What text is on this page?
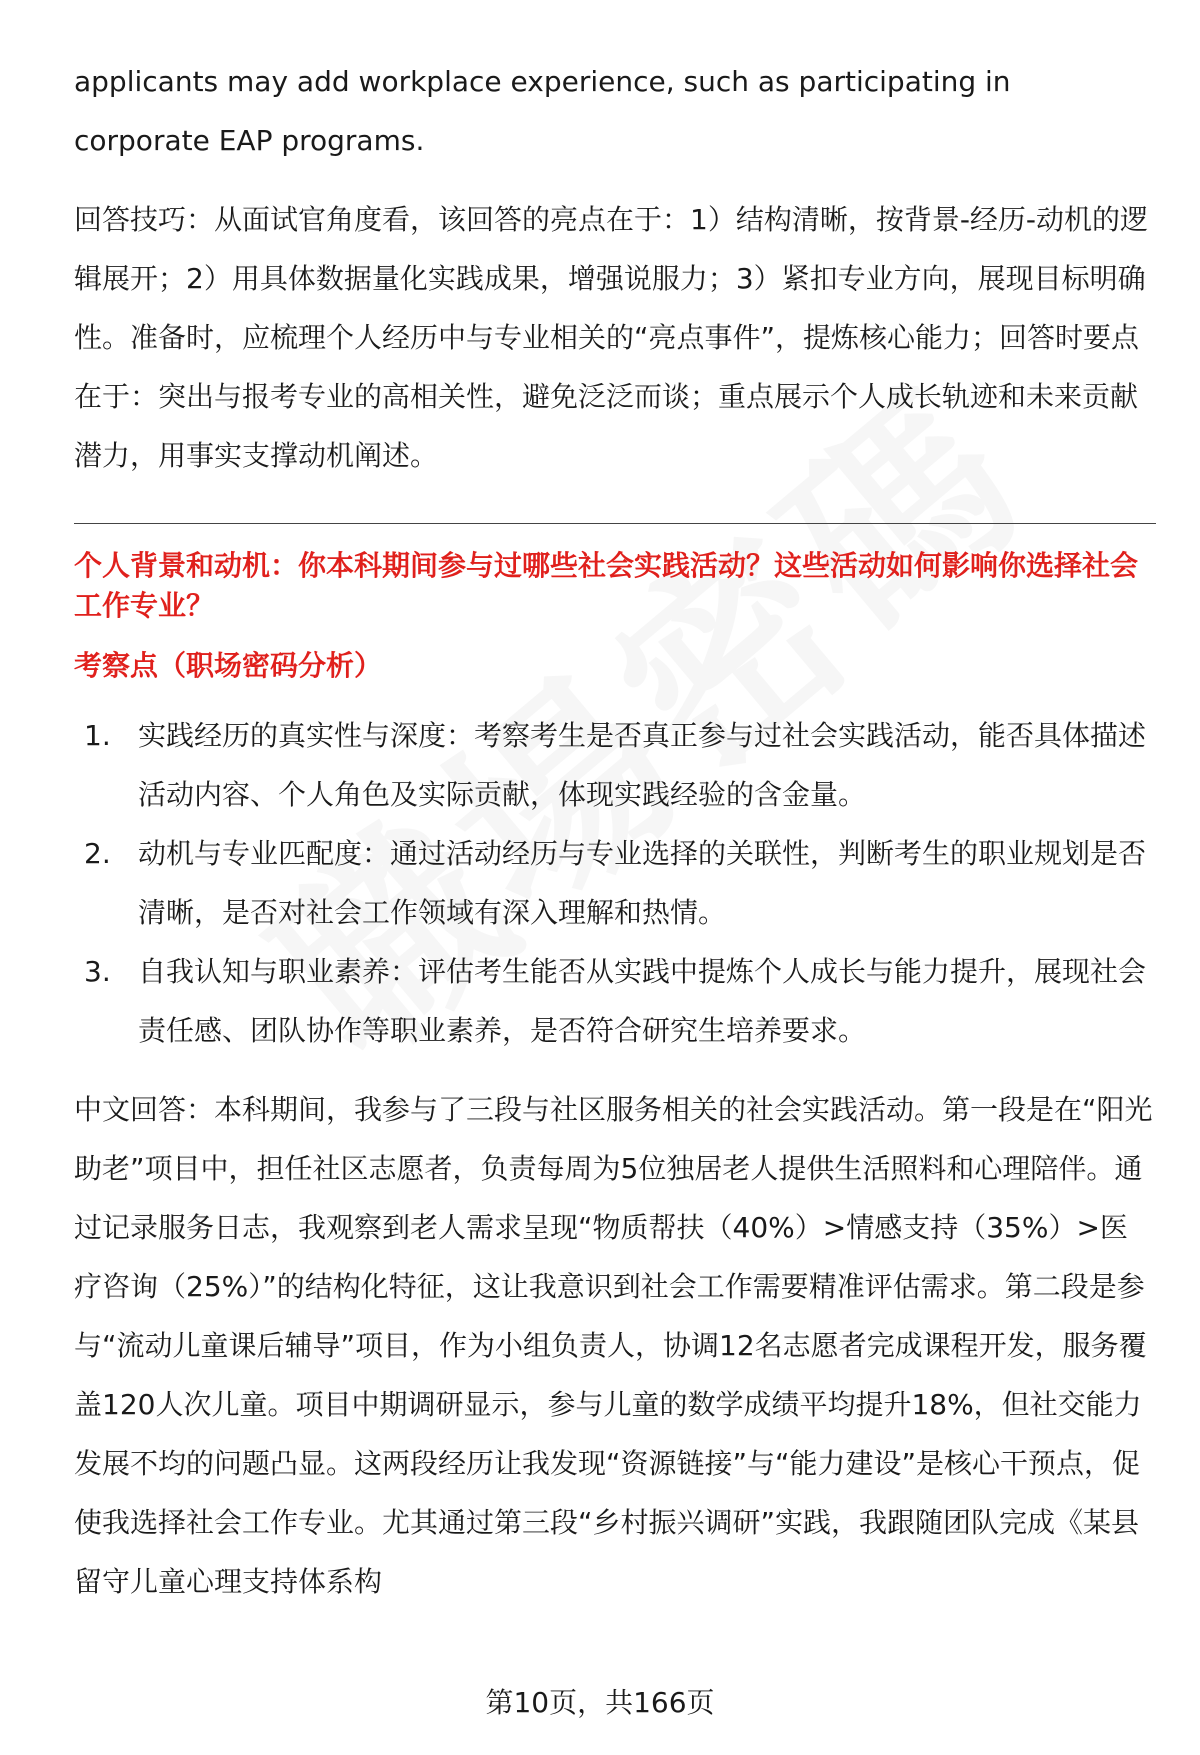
applicants may add workplace experience, such as participating in corporate EAP programs.

回答技巧：从面试官角度看，该回答的亮点在于：1）结构清晰，按背景-经历-动机的逻辑展开；2）用具体数据量化实践成果，增强说服力；3）紧扣专业方向，展现目标明确性。准备时，应梳理个人经历中与专业相关的“亮点事件”，提炼核心能力；回答时要点在于：突出与报考专业的高相关性，避免泛泛而谈；重点展示个人成长轨迹和未来贡献潜力，用事实支撑动机阐述。

个人背景和动机：你本科期间参与过哪些社会实践活动？这些活动如何影响你选择社会工作专业？
考察点（职场密码分析）
1. 实践经历的真实性与深度：考察考生是否真正参与过社会实践活动，能否具体描述活动内容、个人角色及实际贡献，体现实践经验的含金量。
2. 动机与专业匹配度：通过活动经历与专业选择的关联性，判断考生的职业规划是否清晰，是否对社会工作领域有深入理解和热情。
3. 自我认知与职业素养：评估考生能否从实践中提炼个人成长与能力提升，展现社会责任感、团队协作等职业素养，是否符合研究生培养要求。

中文回答：本科期间，我参与了三段与社区服务相关的社会实践活动。第一段是在“阳光助老”项目中，担任社区志愿者，负责每周为5位独居老人提供生活照料和心理陪伴。通过记录服务日志，我观察到老人需求呈现“物质帮扶（40%）>情感支持（35%）>医疗咨询（25%）”的结构化特征，这让我意识到社会工作需要精准评估需求。第二段是参与“流动儿童课后辅导”项目，作为小组负责人，协调12名志愿者完成课程开发，服务覆盖120人次儿童。项目中期调研显示，参与儿童的数学成绩平均提升18%，但社交能力发展不均的问题凸显。这两段经历让我发现“资源链接”与“能力建设”是核心干预点，促使我选择社会工作专业。尤其通过第三段“乡村振兴调研”实践，我跟随团队完成《某县留守儿童心理支持体系构

第10页，共166页
